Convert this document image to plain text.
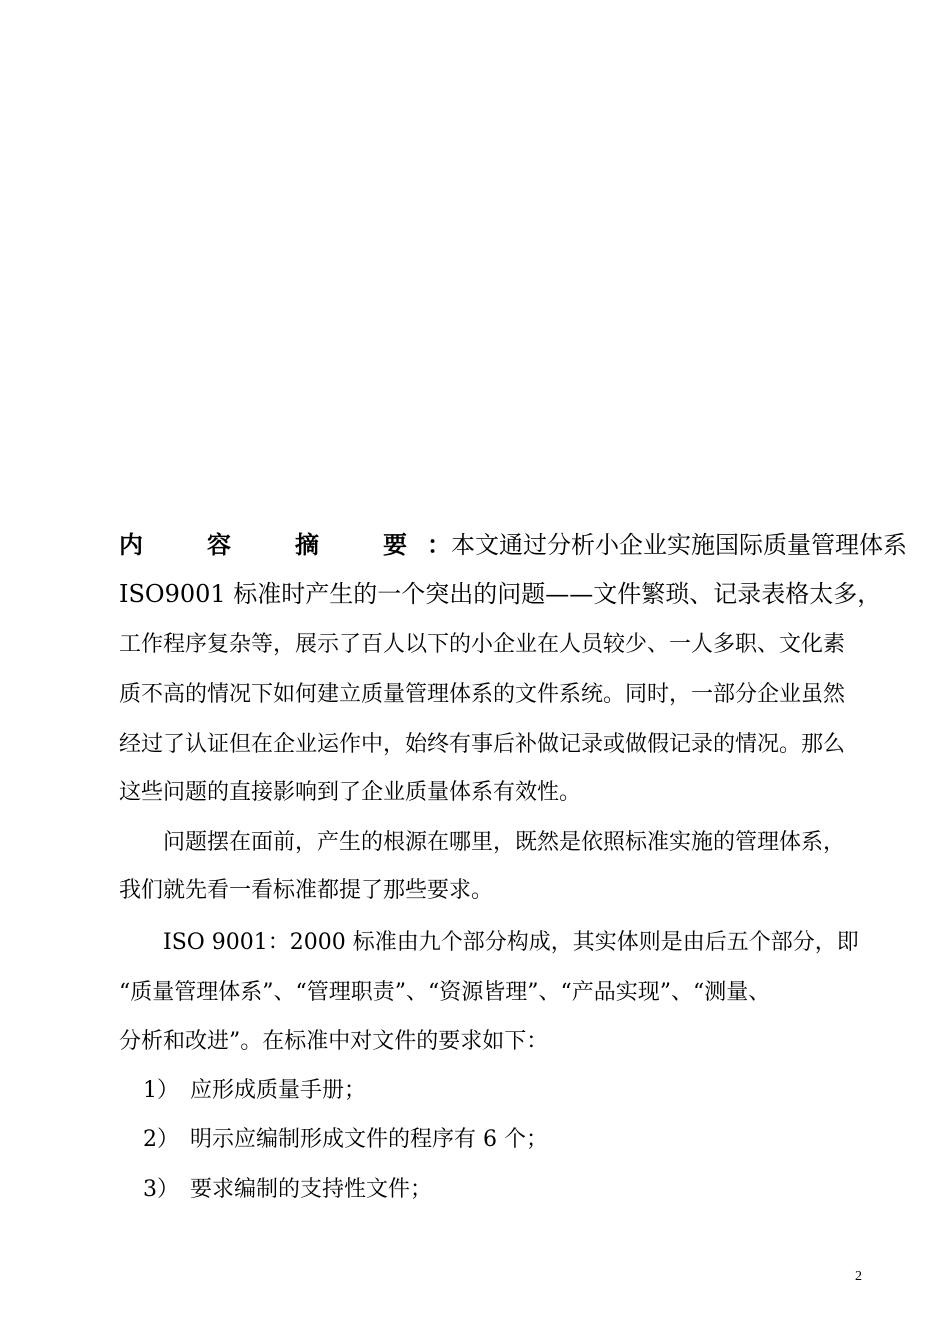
内　容　摘　要：本文通过分析小企业实施国际质量管理体系
ISO9001 标准时产生的一个突出的问题——文件繁琐、记录表格太多，
工作程序复杂等，展示了百人以下的小企业在人员较少、一人多职、文化素
质不高的情况下如何建立质量管理体系的文件系统。同时，一部分企业虽然
经过了认证但在企业运作中，始终有事后补做记录或做假记录的情况。那么
这些问题的直接影响到了企业质量体系有效性。
问题摆在面前，产生的根源在哪里，既然是依照标准实施的管理体系，
我们就先看一看标准都提了那些要求。
ISO 9001：2000 标准由九个部分构成，其实体则是由后五个部分，即
“质量管理体系”、“管理职责”、“资源皆理”、“产品实现”、“测量、
分析和改进”。在标准中对文件的要求如下：
1） 应形成质量手册；
2） 明示应编制形成文件的程序有 6 个；
3） 要求编制的支持性文件；
2
